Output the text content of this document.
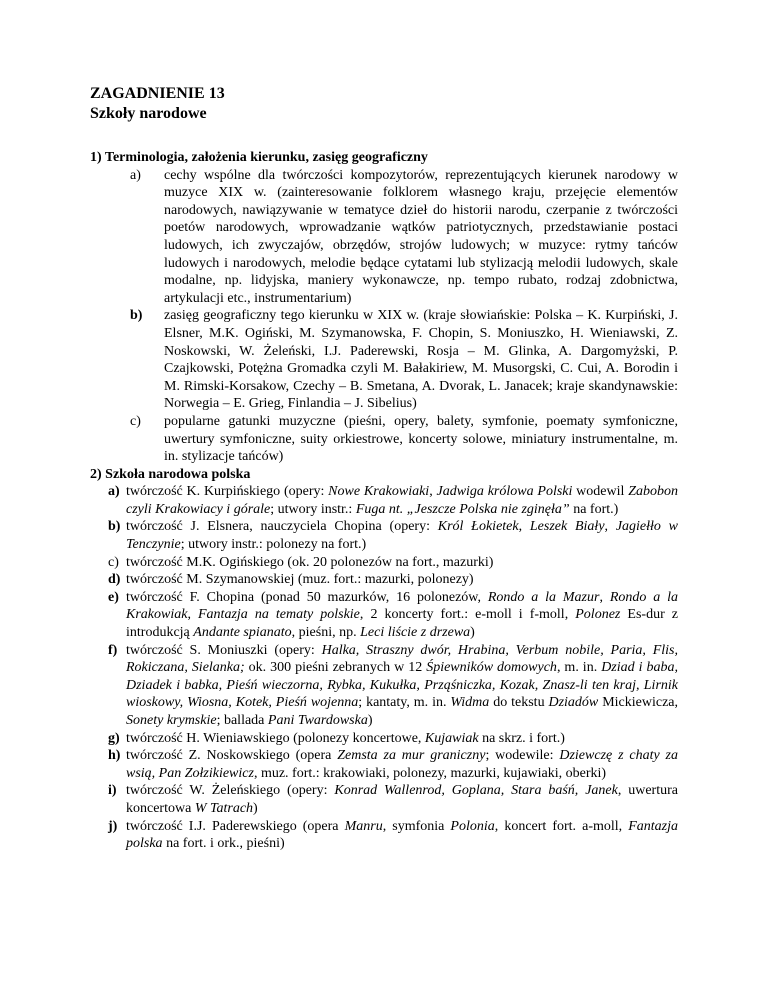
ZAGADNIENIE 13

Szkoły narodowe

1) Terminologia, założenia kierunku, zasięg geograficzny

a)	cechy wspólne dla twórczości kompozytorów, reprezentujących kierunek narodowy w muzyce XIX w. (zainteresowanie folklorem własnego kraju, przejęcie elementów narodowych, nawiązywanie w tematyce dzieł do historii narodu, czerpanie z twórczości poetów narodowych, wprowadzanie wątków patriotycznych, przedstawianie postaci ludowych, ich zwyczajów, obrzędów, strojów ludowych; w muzyce: rytmy tańców ludowych i narodowych, melodie będące cytatami lub stylizacją melodii ludowych, skale modalne, np. lidyjska, maniery wykonawcze, np. tempo rubato, rodzaj zdobnictwa, artykulacji etc., instrumentarium)
b)	zasięg geograficzny tego kierunku w XIX w. (kraje słowiańskie: Polska – K. Kurpiński, J. Elsner, M.K. Ogiński, M. Szymanowska, F. Chopin, S. Moniuszko, H. Wieniawski, Z. Noskowski, W. Żeleński, I.J. Paderewski, Rosja – M. Glinka, A. Dargomyżski, P. Czajkowski, Potężna Gromadka czyli M. Bałakiriew, M. Musorgski, C. Cui, A. Borodin i M. Rimski-Korsakow, Czechy – B. Smetana, A. Dvorak, L. Janacek; kraje skandynawskie: Norwegia – E. Grieg, Finlandia – J. Sibelius)
c)	popularne gatunki muzyczne (pieśni, opery, balety, symfonie, poematy symfoniczne, uwertury symfoniczne, suity orkiestrowe, koncerty solowe, miniatury instrumentalne, m. in. stylizacje tańców)

2) Szkoła narodowa polska

a) twórczość K. Kurpińskiego (opery: Nowe Krakowiaki, Jadwiga królowa Polski wodewil Zabobon czyli Krakowiacy i górale; utwory instr.: Fuga nt. „Jeszcze Polska nie zginęła” na fort.)
b) twórczość J. Elsnera, nauczyciela Chopina (opery: Król Łokietek, Leszek Biały, Jagiełło w Tenczynie; utwory instr.: polonezy na fort.)
c) twórczość M.K. Ogińskiego (ok. 20 polonezów na fort., mazurki)
d) twórczość M. Szymanowskiej (muz. fort.: mazurki, polonezy)
e) twórczość F. Chopina (ponad 50 mazurków, 16 polonezów, Rondo a la Mazur, Rondo a la Krakowiak, Fantazja na tematy polskie, 2 koncerty fort.: e-moll i f-moll, Polonez Es-dur z introdukcją Andante spianato, pieśni, np. Leci liście z drzewa)
f) twórczość S. Moniuszki (opery: Halka, Straszny dwór, Hrabina, Verbum nobile, Paria, Flis, Rokiczana, Sielanka; ok. 300 pieśni zebranych w 12 Śpiewników domowych, m. in. Dziad i baba, Dziadek i babka, Pieśń wieczorna, Rybka, Kukułka, Prząśniczka, Kozak, Znasz-li ten kraj, Lirnik wioskowy, Wiosna, Kotek, Pieśń wojenna; kantaty, m. in. Widma do tekstu Dziadów Mickiewicza, Sonety krymskie; ballada Pani Twardowska)
g) twórczość H. Wieniawskiego (polonezy koncertowe, Kujawiak na skrz. i fort.)
h) twórczość Z. Noskowskiego (opera Zemsta za mur graniczny; wodewile: Dziewczę z chaty za wsią, Pan Zołzikiewicz, muz. fort.: krakowiaki, polonezy, mazurki, kujawiaki, oberki)
i) twórczość W. Żeleńskiego (opery: Konrad Wallenrod, Goplana, Stara baśń, Janek, uwertura koncertowa W Tatrach)
j) twórczość I.J. Paderewskiego (opera Manru, symfonia Polonia, koncert fort. a-moll, Fantazja polska na fort. i ork., pieśni)
